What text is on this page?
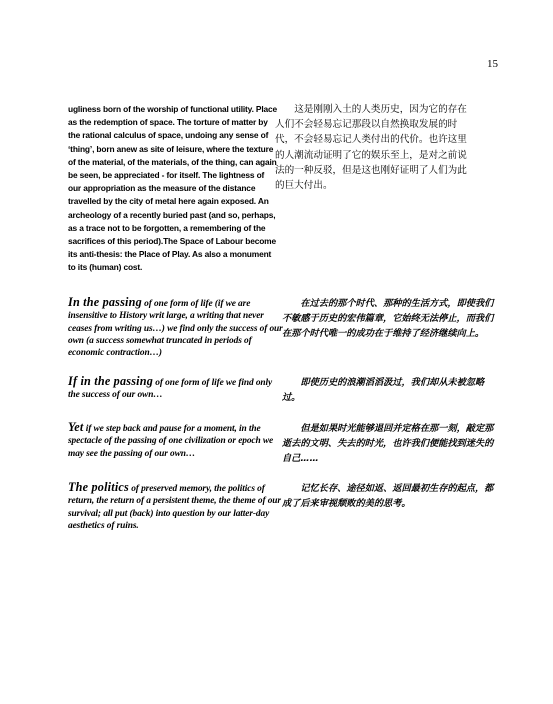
15
ugliness born of the worship of functional utility. Place as the redemption of space. The torture of matter by the rational calculus of space, undoing any sense of ‘thing’, born anew as site of leisure, where the texture of the material, of the materials, of the thing, can again be seen, be appreciated - for itself. The lightness of our appropriation as the measure of the distance travelled by the city of metal here again exposed. An archeology of a recently buried past (and so, perhaps, as a trace not to be forgotten, a remembering of the sacrifices of this period).The Space of Labour become its anti-thesis: the Place of Play. As also a monument to its (human) cost.
这是刚刚入土的人类历史，因为它的存在人们不会轻易忘记那段以自然换取发展的时代，不会轻易忘记人类付出的代价。也许这里的人潮流动证明了它的娱乐至上，是对之前说法的一种反驳，但是这也刚好证明了人们为此的巨大付出。
In the passing of one form of life (if we are insensitive to History writ large, a writing that never ceases from writing us…) we find only the success of our own (a success somewhat truncated in periods of economic contraction…)
在过去的那个时代、那种的生活方式，即使我们不敏感于历史的宏伟篇章，它始终无法停止，而我们在那个时代唯一的成功在于维持了经济继续向上。
If in the passing of one form of life we find only the success of our own…
即使历史的浪潮滔滔汲过，我们却从未被忽略过。
Yet if we step back and pause for a moment, in the spectacle of the passing of one civilization or epoch we may see the passing of our own…
但是如果时光能够退回并定格在那一刻，敲定那逝去的文明、失去的时光，也许我们便能找到迷失的自己……
The politics of preserved memory, the politics of return, the return of a persistent theme, the theme of our survival; all put (back) into question by our latter-day aesthetics of ruins.
记忆长存、途径如返、返回最初生存的起点，都成了后来审视颓败的美的思考。
